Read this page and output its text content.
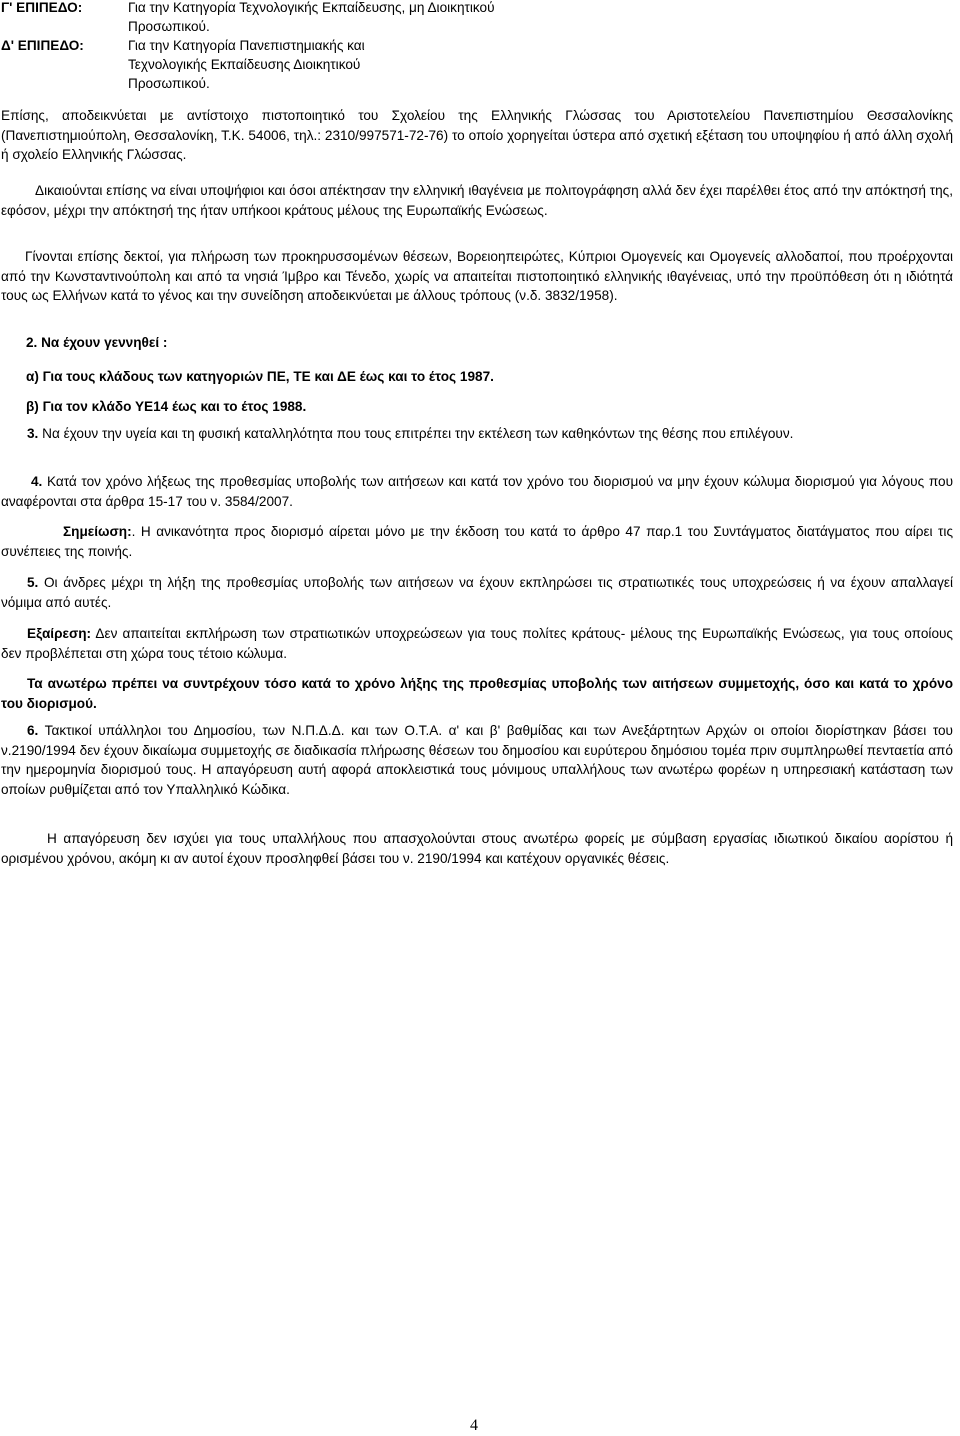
Γ' ΕΠΙΠΕΔΟ:	Για την Κατηγορία Τεχνολογικής Εκπαίδευσης, μη Διοικητικού

Προσωπικού.

Δ' ΕΠΙΠΕΔΟ:	Για την Κατηγορία Πανεπιστημιακής και

Τεχνολογικής Εκπαίδευσης Διοικητικού

Προσωπικού.

Επίσης, αποδεικνύεται με αντίστοιχο πιστοποιητικό του Σχολείου της Ελληνικής Γλώσσας του Αριστοτελείου Πανεπιστημίου Θεσσαλονίκης (Πανεπιστημιούπολη, Θεσσαλονίκη, Τ.Κ. 54006, τηλ.: 2310/997571-72-76) το οποίο χορηγείται ύστερα από σχετική εξέταση του υποψηφίου ή από άλλη σχολή ή σχολείο Ελληνικής Γλώσσας.

Δικαιούνται επίσης να είναι υποψήφιοι και όσοι απέκτησαν την ελληνική ιθαγένεια με πολιτογράφηση αλλά δεν έχει παρέλθει έτος από την απόκτησή της, εφόσον, μέχρι την απόκτησή της ήταν υπήκοοι κράτους μέλους της Ευρωπαϊκής Ενώσεως.

Γίνονται επίσης δεκτοί, για πλήρωση των προκηρυσσομένων θέσεων, Βορειοηπειρώτες, Κύπριοι Ομογενείς και Ομογενείς αλλοδαποί, που προέρχονται από την Κωνσταντινούπολη και από τα νησιά Ίμβρο και Τένεδο, χωρίς να απαιτείται πιστοποιητικό ελληνικής ιθαγένειας, υπό την προϋπόθεση ότι η ιδιότητά τους ως Ελλήνων κατά το γένος και την συνείδηση αποδεικνύεται με άλλους τρόπους (ν.δ. 3832/1958).

2. Να έχουν γεννηθεί :

α) Για τους κλάδους των κατηγοριών ΠΕ, ΤΕ και ΔΕ έως και το έτος 1987.

β) Για τον κλάδο ΥΕ14 έως και το έτος 1988.

3. Να έχουν την υγεία και τη φυσική καταλληλότητα που τους επιτρέπει την εκτέλεση των καθηκόντων της θέσης που επιλέγουν.

4. Κατά τον χρόνο λήξεως της προθεσμίας υποβολής των αιτήσεων και κατά τον χρόνο του διορισμού να μην έχουν κώλυμα διορισμού για λόγους που αναφέρονται στα άρθρα 15-17 του ν. 3584/2007.

Σημείωση:. Η ανικανότητα προς διορισμό αίρεται μόνο με την έκδοση του κατά το άρθρο 47 παρ.1 του Συντάγματος διατάγματος που αίρει τις συνέπειες της ποινής.

5. Οι άνδρες μέχρι τη λήξη της προθεσμίας υποβολής των αιτήσεων να έχουν εκπληρώσει τις στρατιωτικές τους υποχρεώσεις ή να έχουν απαλλαγεί νόμιμα από αυτές.

Εξαίρεση: Δεν απαιτείται εκπλήρωση των στρατιωτικών υποχρεώσεων για τους πολίτες κράτους- μέλους της Ευρωπαϊκής Ενώσεως, για τους οποίους δεν προβλέπεται στη χώρα τους τέτοιο κώλυμα.

Τα ανωτέρω πρέπει να συντρέχουν τόσο κατά το χρόνο λήξης της προθεσμίας υποβολής των αιτήσεων συμμετοχής, όσο και κατά το χρόνο του διορισμού.

6. Τακτικοί υπάλληλοι του Δημοσίου, των Ν.Π.Δ.Δ. και των Ο.Τ.Α. α' και β' βαθμίδας και των Ανεξάρτητων Αρχών οι οποίοι διορίστηκαν βάσει του ν.2190/1994 δεν έχουν δικαίωμα συμμετοχής σε διαδικασία πλήρωσης θέσεων του δημοσίου και ευρύτερου δημόσιου τομέα πριν συμπληρωθεί πενταετία από την ημερομηνία διορισμού τους. Η απαγόρευση αυτή αφορά αποκλειστικά τους μόνιμους υπαλλήλους των ανωτέρω φορέων η υπηρεσιακή κατάσταση των οποίων ρυθμίζεται από τον Υπαλληλικό Κώδικα.

Η απαγόρευση δεν ισχύει για τους υπαλλήλους που απασχολούνται στους ανωτέρω φορείς με σύμβαση εργασίας ιδιωτικού δικαίου αορίστου ή ορισμένου χρόνου, ακόμη κι αν αυτοί έχουν προσληφθεί βάσει του ν. 2190/1994 και κατέχουν οργανικές θέσεις.

4
